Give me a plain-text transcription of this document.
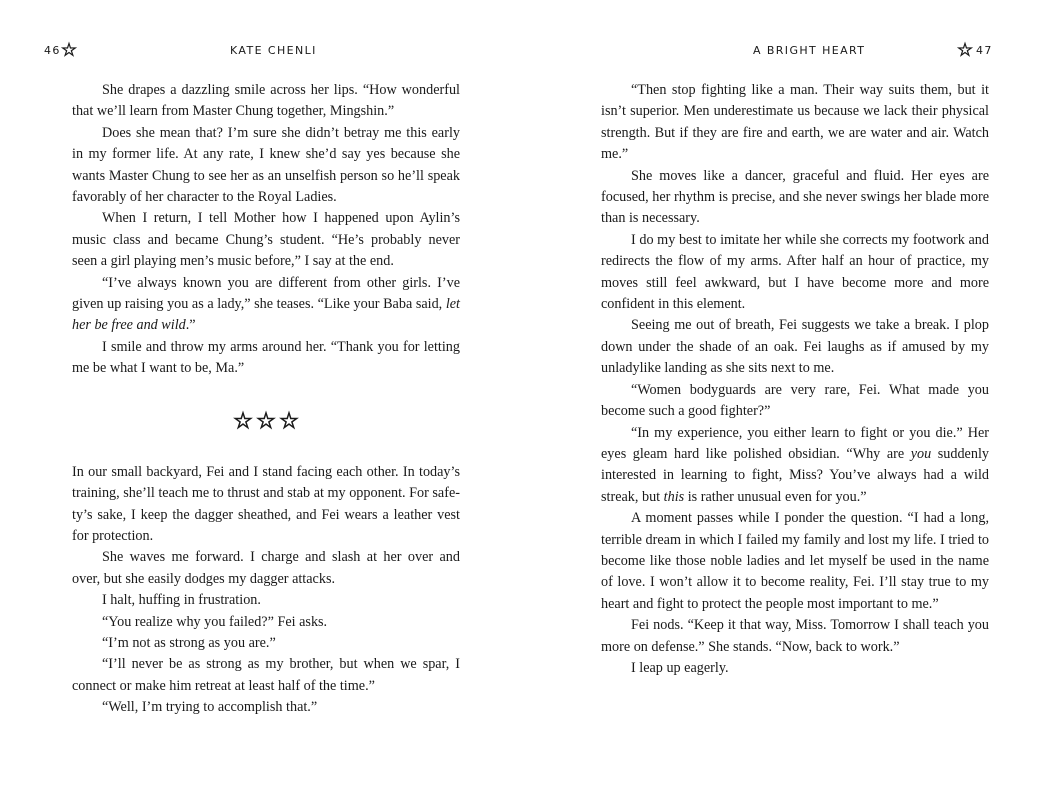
46	KATE CHENLI

She drapes a dazzling smile across her lips. “How wonderful that we’ll learn from Master Chung together, Mingshin.”

Does she mean that? I’m sure she didn’t betray me this early in my former life. At any rate, I knew she’d say yes because she wants Master Chung to see her as an unselfish person so he’ll speak favorably of her character to the Royal Ladies.

When I return, I tell Mother how I happened upon Aylin’s music class and became Chung’s student. “He’s probably never seen a girl playing men’s music before,” I say at the end.

“I’ve always known you are different from other girls. I’ve given up raising you as a lady,” she teases. “Like your Baba said, let her be free and wild.”

I smile and throw my arms around her. “Thank you for letting me be what I want to be, Ma.”

In our small backyard, Fei and I stand facing each other. In today’s training, she’ll teach me to thrust and stab at my opponent. For safety’s sake, I keep the dagger sheathed, and Fei wears a leather vest for protection.

She waves me forward. I charge and slash at her over and over, but she easily dodges my dagger attacks.

I halt, huffing in frustration.

“You realize why you failed?” Fei asks.

“I’m not as strong as you are.”

“I’ll never be as strong as my brother, but when we spar, I connect or make him retreat at least half of the time.”

“Well, I’m trying to accomplish that.”

A BRIGHT HEART	47

“Then stop fighting like a man. Their way suits them, but it isn’t superior. Men underestimate us because we lack their physical strength. But if they are fire and earth, we are water and air. Watch me.”

She moves like a dancer, graceful and fluid. Her eyes are focused, her rhythm is precise, and she never swings her blade more than is necessary.

I do my best to imitate her while she corrects my footwork and redirects the flow of my arms. After half an hour of practice, my moves still feel awkward, but I have become more and more confident in this element.

Seeing me out of breath, Fei suggests we take a break. I plop down under the shade of an oak. Fei laughs as if amused by my unladylike landing as she sits next to me.

“Women bodyguards are very rare, Fei. What made you become such a good fighter?”

“In my experience, you either learn to fight or you die.” Her eyes gleam hard like polished obsidian. “Why are you suddenly interested in learning to fight, Miss? You’ve always had a wild streak, but this is rather unusual even for you.”

A moment passes while I ponder the question. “I had a long, terrible dream in which I failed my family and lost my life. I tried to become like those noble ladies and let myself be used in the name of love. I won’t allow it to become reality, Fei. I’ll stay true to my heart and fight to protect the people most important to me.”

Fei nods. “Keep it that way, Miss. Tomorrow I shall teach you more on defense.” She stands. “Now, back to work.”

I leap up eagerly.
